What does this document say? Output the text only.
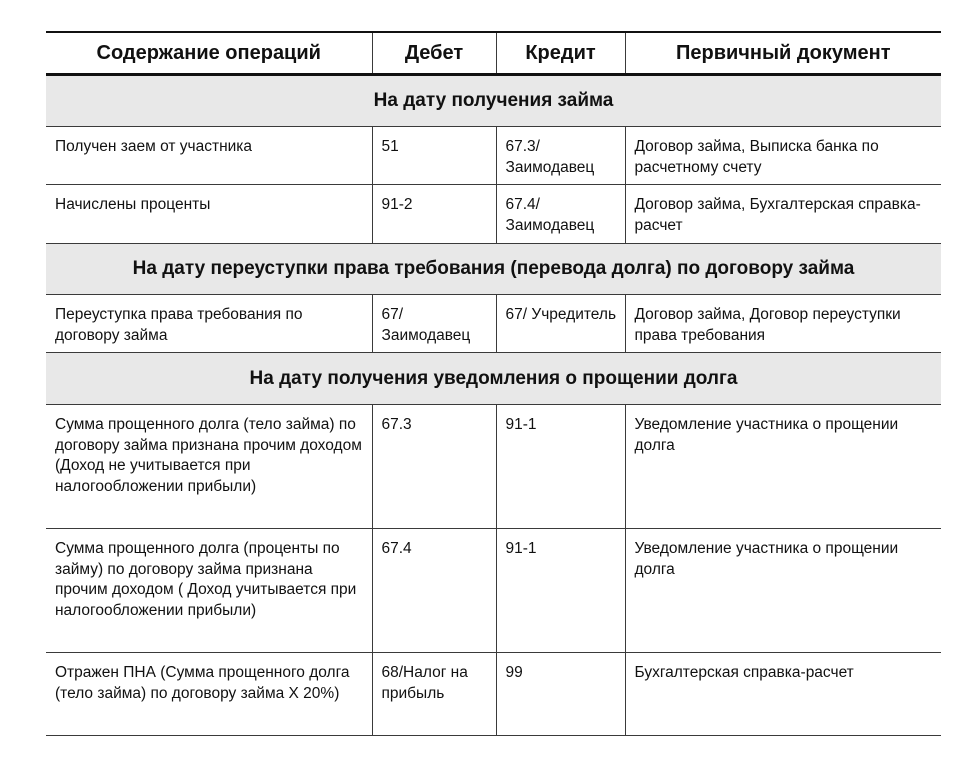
Содержание операций	Дебет	Кредит	Первичный документ
На дату получения займа			

Получен заем от участника	51	67.3/ Заимодавец	Договор займа, Выписка банка по расчетному счету

Начислены проценты	91-2	67.4/ Заимодавец	Договор займа, Бухгалтерская справка-расчет

На дату переуступки права требования (перевода долга) по договору займа			

Переуступка права требования по договору займа	67/ Заимодавец	67/ Учредитель	Договор займа, Договор переуступки права требования

На дату получения уведомления о прощении долга			

Сумма прощенного долга (тело займа) по договору займа признана прочим доходом (Доход не учитывается при налогообложении прибыли)	67.3	91-1	Уведомление участника о прощении долга

Сумма прощенного долга (проценты по займу) по договору займа признана прочим доходом ( Доход учитывается при налогообложении прибыли)	67.4	91-1	Уведомление участника о прощении долга

Отражен ПНА (Сумма прощенного долга (тело займа) по договору займа Х 20%)	68/Налог на прибыль	99	Бухгалтерская справка-расчет
